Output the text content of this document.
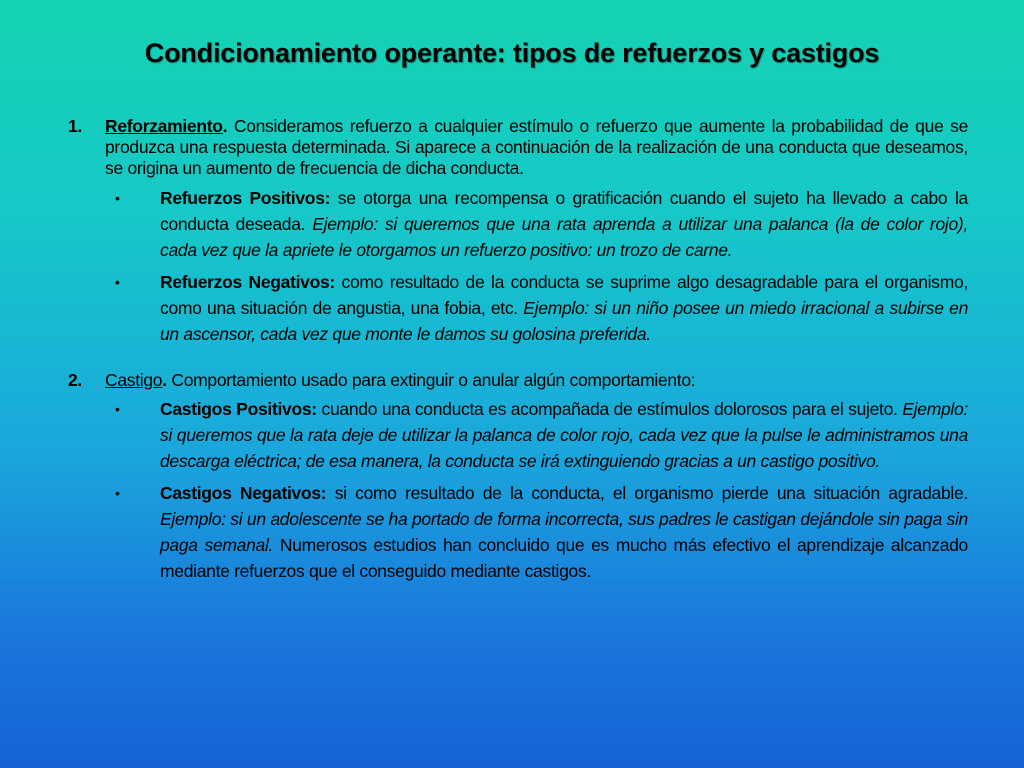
Condicionamiento operante: tipos de refuerzos y castigos
1.	Reforzamiento. Consideramos refuerzo a cualquier estímulo o refuerzo que aumente la probabilidad de que se produzca una respuesta determinada. Si aparece a continuación de la realización de una conducta que deseamos, se origina un aumento de frecuencia de dicha conducta.
•	Refuerzos Positivos: se otorga una recompensa o gratificación cuando el sujeto ha llevado a cabo la conducta deseada. Ejemplo: si queremos que una rata aprenda a utilizar una palanca (la de color rojo), cada vez que la apriete le otorgamos un refuerzo positivo: un trozo de carne.
•	Refuerzos Negativos: como resultado de la conducta se suprime algo desagradable para el organismo, como una situación de angustia, una fobia, etc. Ejemplo: si un niño posee un miedo irracional a subirse en un ascensor, cada vez que monte le damos su golosina preferida.
2.	Castigo. Comportamiento usado para extinguir o anular algún comportamiento:
•	Castigos Positivos: cuando una conducta es acompañada de estímulos dolorosos para el sujeto. Ejemplo: si queremos que la rata deje de utilizar la palanca de color rojo, cada vez que la pulse le administramos una descarga eléctrica; de esa manera, la conducta se irá extinguiendo gracias a un castigo positivo.
•	Castigos Negativos: si como resultado de la conducta, el organismo pierde una situación agradable. Ejemplo: si un adolescente se ha portado de forma incorrecta, sus padres le castigan dejándole sin paga sin paga semanal. Numerosos estudios han concluido que es mucho más efectivo el aprendizaje alcanzado mediante refuerzos que el conseguido mediante castigos.
